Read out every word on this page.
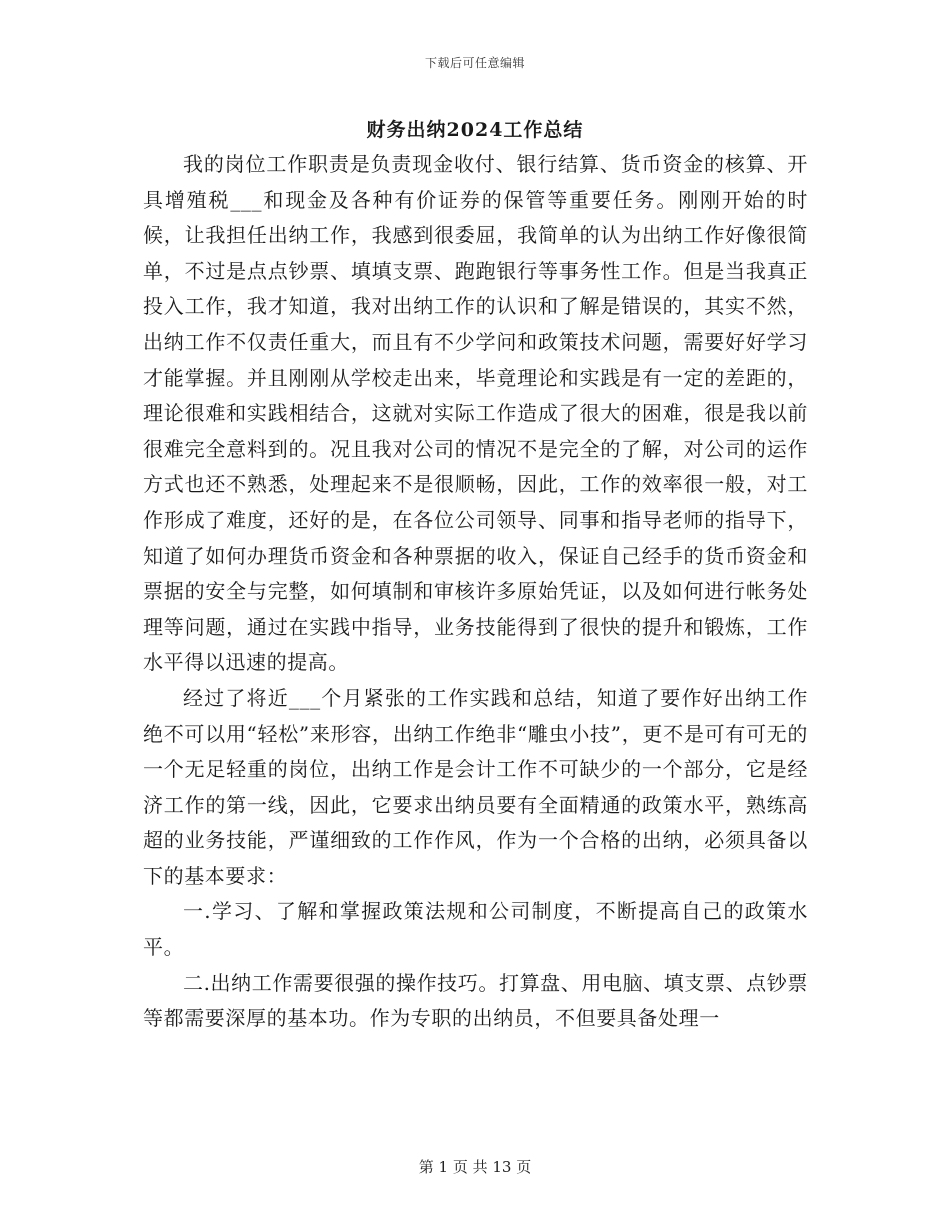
下载后可任意编辑
财务出纳2024工作总结

我的岗位工作职责是负责现金收付、银行结算、货币资金的核算、开具增殖税___和现金及各种有价证券的保管等重要任务。刚刚开始的时候，让我担任出纳工作，我感到很委屈，我简单的认为出纳工作好像很简单，不过是点点钞票、填填支票、跑跑银行等事务性工作。但是当我真正投入工作，我才知道，我对出纳工作的认识和了解是错误的，其实不然，出纳工作不仅责任重大，而且有不少学问和政策技术问题，需要好好学习才能掌握。并且刚刚从学校走出来，毕竟理论和实践是有一定的差距的，理论很难和实践相结合，这就对实际工作造成了很大的困难，很是我以前很难完全意料到的。况且我对公司的情况不是完全的了解，对公司的运作方式也还不熟悉，处理起来不是很顺畅，因此，工作的效率很一般，对工作形成了难度，还好的是，在各位公司领导、同事和指导老师的指导下，知道了如何办理货币资金和各种票据的收入，保证自己经手的货币资金和票据的安全与完整，如何填制和审核许多原始凭证，以及如何进行帐务处理等问题，通过在实践中指导，业务技能得到了很快的提升和锻炼，工作水平得以迅速的提高。

经过了将近___个月紧张的工作实践和总结，知道了要作好出纳工作绝不可以用“轻松”来形容，出纳工作绝非“雕虫小技”，更不是可有可无的一个无足轻重的岗位，出纳工作是会计工作不可缺少的一个部分，它是经济工作的第一线，因此，它要求出纳员要有全面精通的政策水平，熟练高超的业务技能，严谨细致的工作作风，作为一个合格的出纳，必须具备以下的基本要求：

一.学习、了解和掌握政策法规和公司制度，不断提高自己的政策水平。

二.出纳工作需要很强的操作技巧。打算盘、用电脑、填支票、点钞票等都需要深厚的基本功。作为专职的出纳员，不但要具备处理一

第 1 页 共 13 页
